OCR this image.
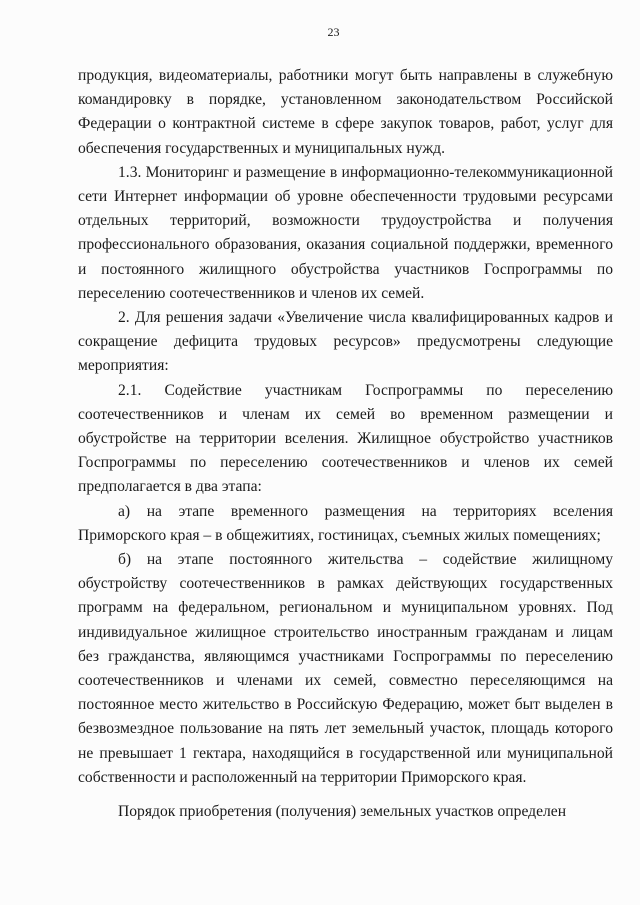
23

продукция, видеоматериалы, работники могут быть направлены в служебную командировку в порядке, установленном законодательством Российской Федерации о контрактной системе в сфере закупок товаров, работ, услуг для обеспечения государственных и муниципальных нужд.

1.3. Мониторинг и размещение в информационно-телекоммуникационной сети Интернет информации об уровне обеспеченности трудовыми ресурсами отдельных территорий, возможности трудоустройства и получения профессионального образования, оказания социальной поддержки, временного и постоянного жилищного обустройства участников Госпрограммы по переселению соотечественников и членов их семей.

2. Для решения задачи «Увеличение числа квалифицированных кадров и сокращение дефицита трудовых ресурсов» предусмотрены следующие мероприятия:

2.1. Содействие участникам Госпрограммы по переселению соотечественников и членам их семей во временном размещении и обустройстве на территории вселения. Жилищное обустройство участников Госпрограммы по переселению соотечественников и членов их семей предполагается в два этапа:

а) на этапе временного размещения на территориях вселения Приморского края – в общежитиях, гостиницах, съемных жилых помещениях;

б) на этапе постоянного жительства – содействие жилищному обустройству соотечественников в рамках действующих государственных программ на федеральном, региональном и муниципальном уровнях. Под индивидуальное жилищное строительство иностранным гражданам и лицам без гражданства, являющимся участниками Госпрограммы по переселению соотечественников и членами их семей, совместно переселяющимся на постоянное место жительство в Российскую Федерацию, может быт выделен в безвозмездное пользование на пять лет земельный участок, площадь которого не превышает 1 гектара, находящийся в государственной или муниципальной собственности и расположенный на территории Приморского края.

Порядок приобретения (получения) земельных участков определен
